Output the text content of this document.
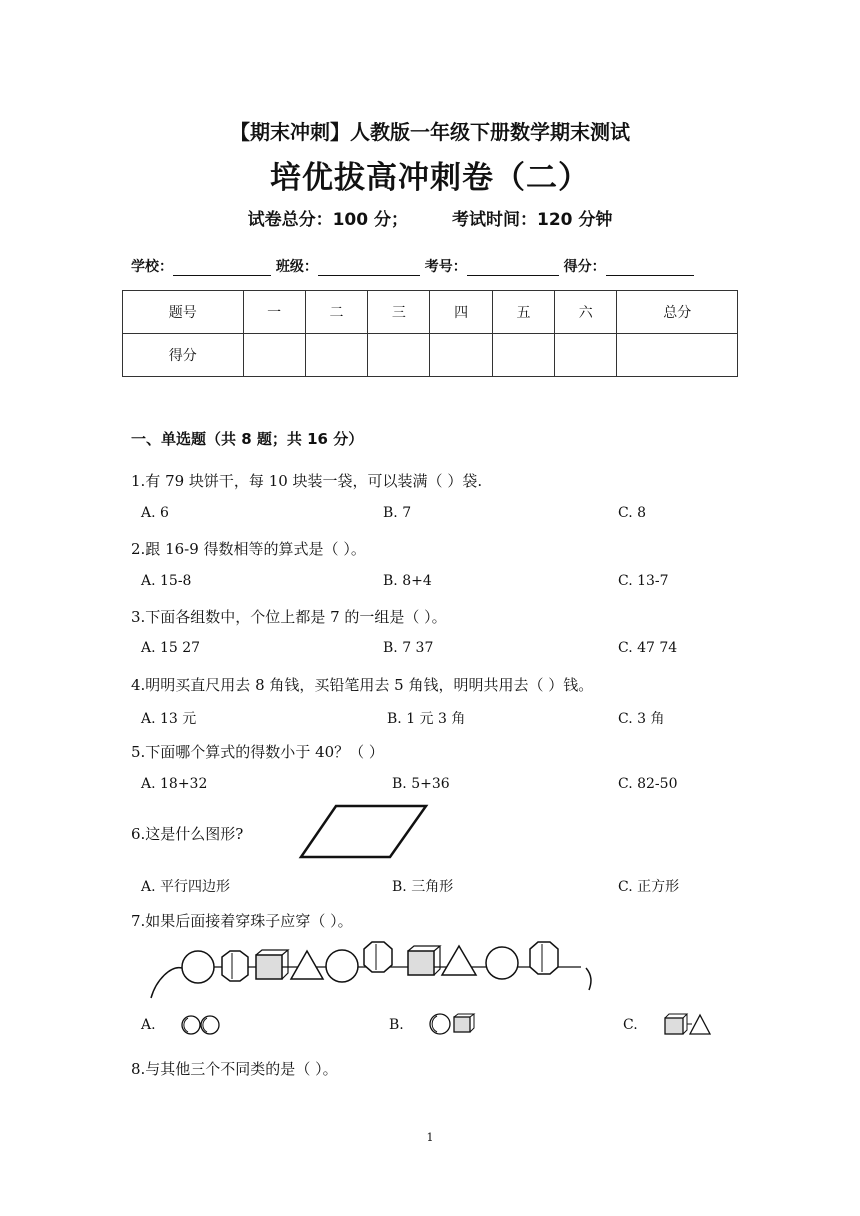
【期末冲刺】人教版一年级下册数学期末测试
培优拔高冲刺卷（二）
试卷总分：100 分；	考试时间：120 分钟
学校：	班级：	考号：	得分：
题号	一	二	三	四	五	六	总分
得分							
一、单选题（共 8 题；共 16 分）
1.有 79 块饼干，每 10 块装一袋，可以装满（ ）袋.
A. 6	B. 7	C. 8
2.跟 16-9 得数相等的算式是（ ）。
A. 15-8	B. 8+4	C. 13-7
3.下面各组数中，个位上都是 7 的一组是（ ）。
A. 15 27	B. 7 37	C. 47 74
4.明明买直尺用去 8 角钱，买铅笔用去 5 角钱，明明共用去（ ）钱。
A. 13 元	B. 1 元 3 角	C. 3 角
5.下面哪个算式的得数小于 40？（ ）
A. 18+32	B. 5+36	C. 82-50
6.这是什么图形?
A. 平行四边形	B. 三角形	C. 正方形
7.如果后面接着穿珠子应穿（ ）。
A.	B.	C.
8.与其他三个不同类的是（ ）。
1
